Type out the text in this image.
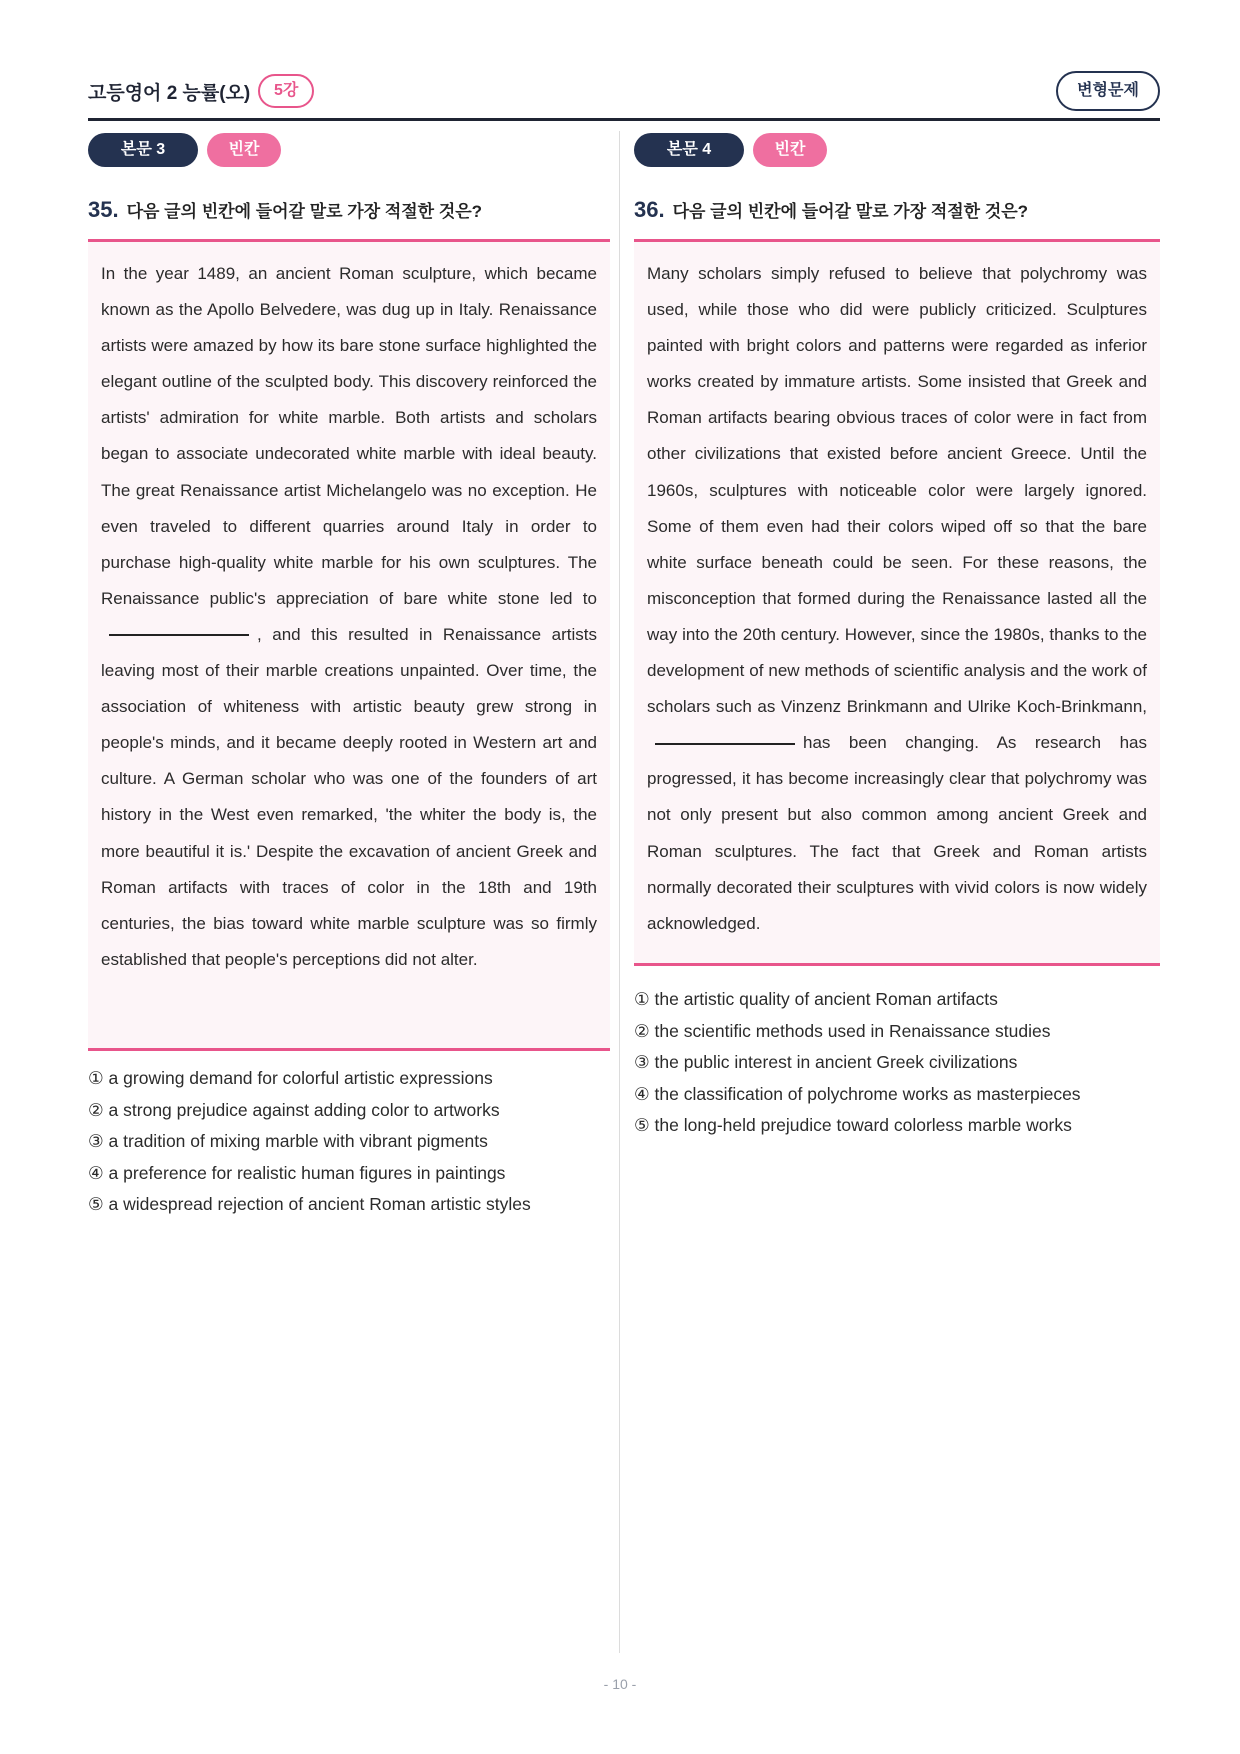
고등영어 2 능률(오)	5강	변형문제
본문 3	빈칸
35. 다음 글의 빈칸에 들어갈 말로 가장 적절한 것은?
In the year 1489, an ancient Roman sculpture, which became known as the Apollo Belvedere, was dug up in Italy. Renaissance artists were amazed by how its bare stone surface highlighted the elegant outline of the sculpted body. This discovery reinforced the artists' admiration for white marble. Both artists and scholars began to associate undecorated white marble with ideal beauty. The great Renaissance artist Michelangelo was no exception. He even traveled to different quarries around Italy in order to purchase high-quality white marble for his own sculptures. The Renaissance public's appreciation of bare white stone led to, and this resulted in Renaissance artists leaving most of their marble creations unpainted. Over time, the association of whiteness with artistic beauty grew strong in people's minds, and it became deeply rooted in Western art and culture. A German scholar who was one of the founders of art history in the West even remarked, 'the whiter the body is, the more beautiful it is.' Despite the excavation of ancient Greek and Roman artifacts with traces of color in the 18th and 19th centuries, the bias toward white marble sculpture was so firmly established that people's perceptions did not alter.
① a growing demand for colorful artistic expressions
② a strong prejudice against adding color to artworks
③ a tradition of mixing marble with vibrant pigments
④ a preference for realistic human figures in paintings
⑤ a widespread rejection of ancient Roman artistic styles
본문 4	빈칸
36. 다음 글의 빈칸에 들어갈 말로 가장 적절한 것은?
Many scholars simply refused to believe that polychromy was used, while those who did were publicly criticized. Sculptures painted with bright colors and patterns were regarded as inferior works created by immature artists. Some insisted that Greek and Roman artifacts bearing obvious traces of color were in fact from other civilizations that existed before ancient Greece. Until the 1960s, sculptures with noticeable color were largely ignored. Some of them even had their colors wiped off so that the bare white surface beneath could be seen. For these reasons, the misconception that formed during the Renaissance lasted all the way into the 20th century. However, since the 1980s, thanks to the development of new methods of scientific analysis and the work of scholars such as Vinzenz Brinkmann and Ulrike Koch-Brinkmann,has been changing. As research has progressed, it has become increasingly clear that polychromy was not only present but also common among ancient Greek and Roman sculptures. The fact that Greek and Roman artists normally decorated their sculptures with vivid colors is now widely acknowledged.
① the artistic quality of ancient Roman artifacts
② the scientific methods used in Renaissance studies
③ the public interest in ancient Greek civilizations
④ the classification of polychrome works as masterpieces
⑤ the long-held prejudice toward colorless marble works
- 10 -
